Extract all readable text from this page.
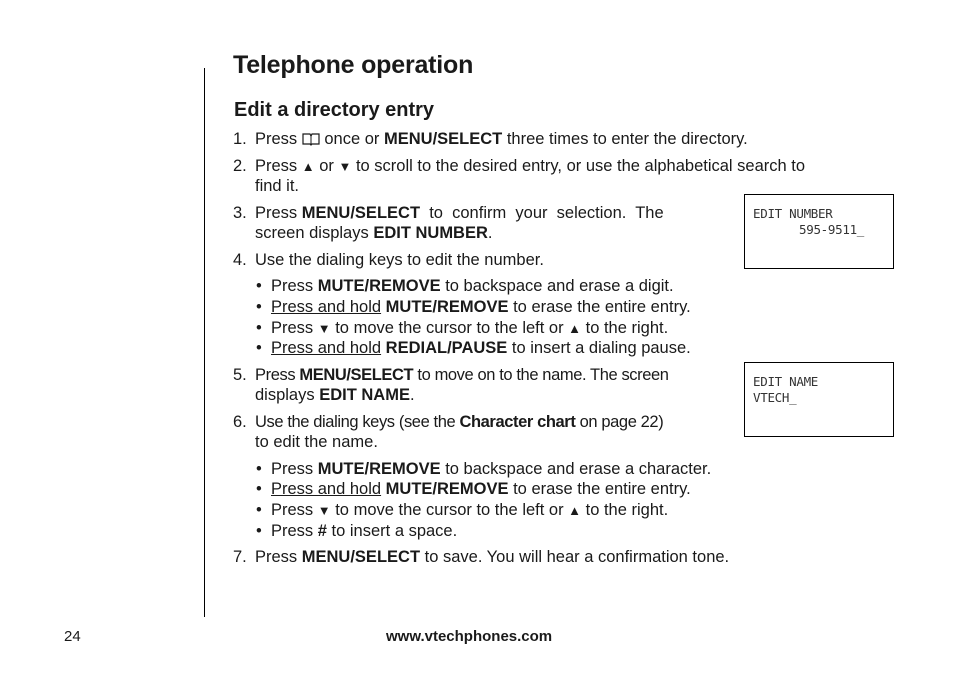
Telephone operation
Edit a directory entry
1. Press  once or MENU/SELECT three times to enter the directory.
2. Press ▲ or ▼ to scroll to the desired entry, or use the alphabetical search to
find it.
3. Press MENU/SELECT  to  confirm  your  selection.  The
screen displays EDIT NUMBER.
EDIT NUMBER
595-9511_
4. Use the dialing keys to edit the number.
• Press MUTE/REMOVE to backspace and erase a digit.
• Press and hold MUTE/REMOVE to erase the entire entry.
• Press ▼ to move the cursor to the left or ▲ to the right.
• Press and hold REDIAL/PAUSE to insert a dialing pause.
5. Press MENU/SELECT to move on to the name. The screen
displays EDIT NAME.
EDIT NAME
VTECH_
6. Use the dialing keys (see the Character chart on page 22)
to edit the name.
• Press MUTE/REMOVE to backspace and erase a character.
• Press and hold MUTE/REMOVE to erase the entire entry.
• Press ▼ to move the cursor to the left or ▲ to the right.
• Press # to insert a space.
7. Press MENU/SELECT to save. You will hear a confirmation tone.
24	www.vtechphones.com
